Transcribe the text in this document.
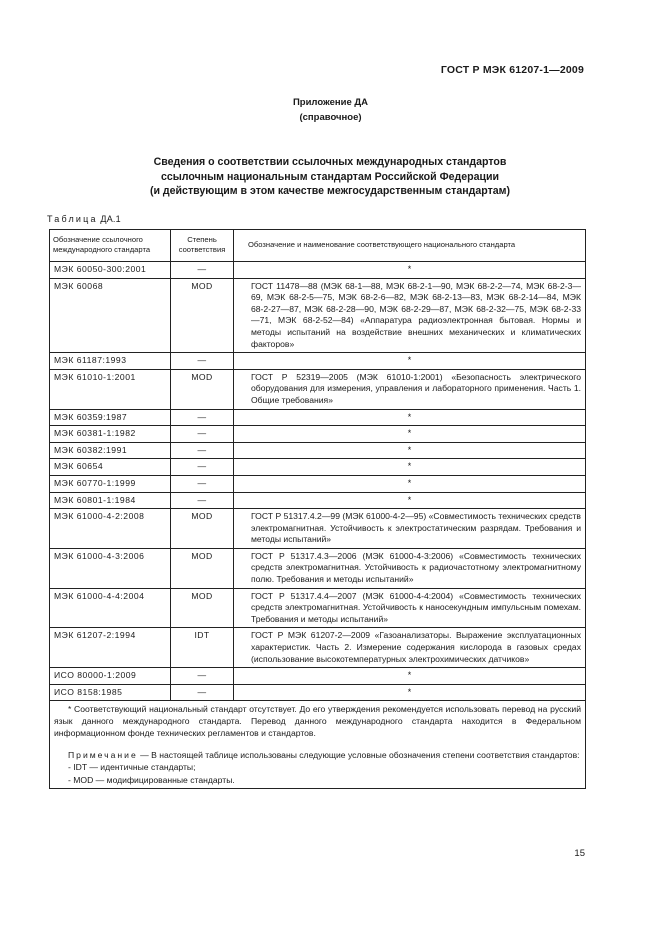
ГОСТ Р МЭК 61207-1—2009
Приложение ДА
(справочное)
Сведения о соответствии ссылочных международных стандартов
ссылочным национальным стандартам Российской Федерации
(и действующим в этом качестве межгосударственным стандартам)
Таблица ДА.1
Обозначение ссылочного международного стандарта	Степень соответствия	Обозначение и наименование соответствующего национального стандарта
МЭК 60050-300:2001	—	*
МЭК 60068	MOD	ГОСТ 11478—88 (МЭК 68-1—88, МЭК 68-2-1—90, МЭК 68-2-2—74, МЭК 68-2-3—69, МЭК 68-2-5—75, МЭК 68-2-6—82, МЭК 68-2-13—83, МЭК 68-2-14—84, МЭК 68-2-27—87, МЭК 68-2-28—90, МЭК 68-2-29—87, МЭК 68-2-32—75, МЭК 68-2-33—71, МЭК 68-2-52—84) «Аппаратура радиоэлектронная бытовая. Нормы и методы испытаний на воздействие внешних механических и климатических факторов»

МЭК 61187:1993	—	*
МЭК 61010-1:2001	MOD	ГОСТ Р 52319—2005 (МЭК 61010-1:2001) «Безопасность электрического оборудования для измерения, управления и лабораторного применения. Часть 1. Общие требования»

МЭК 60359:1987	—	*
МЭК 60381-1:1982	—	*
МЭК 60382:1991	—	*
МЭК 60654	—	*
МЭК 60770-1:1999	—	*
МЭК 60801-1:1984	—	*
МЭК 61000-4-2:2008	MOD	ГОСТ Р 51317.4.2—99 (МЭК 61000-4-2—95) «Совместимость технических средств электромагнитная. Устойчивость к электростатическим разрядам. Требования и методы испытаний»

МЭК 61000-4-3:2006	MOD	ГОСТ Р 51317.4.3—2006 (МЭК 61000-4-3:2006) «Совместимость технических средств электромагнитная. Устойчивость к радиочастотному электромагнитному полю. Требования и методы испытаний»

МЭК 61000-4-4:2004	MOD	ГОСТ Р 51317.4.4—2007 (МЭК 61000-4-4:2004) «Совместимость технических средств электромагнитная. Устойчивость к наносекундным импульсным помехам. Требования и методы испытаний»

МЭК 61207-2:1994	IDT	ГОСТ Р МЭК 61207-2—2009 «Газоанализаторы. Выражение эксплуатационных характеристик. Часть 2. Измерение содержания кислорода в газовых средах (использование высокотемпературных электрохимических датчиков»

ИСО 80000-1:2009	—	*
ИСО 8158:1985	—	*

* Соответствующий национальный стандарт отсутствует. До его утверждения рекомендуется использовать перевод на русский язык данного международного стандарта. Перевод данного международного стандарта находится в Федеральном информационном фонде технических регламентов и стандартов.
Примечание — В настоящей таблице использованы следующие условные обозначения степени соответствия стандартов:
- IDT — идентичные стандарты;
- MOD — модифицированные стандарты.		
15
